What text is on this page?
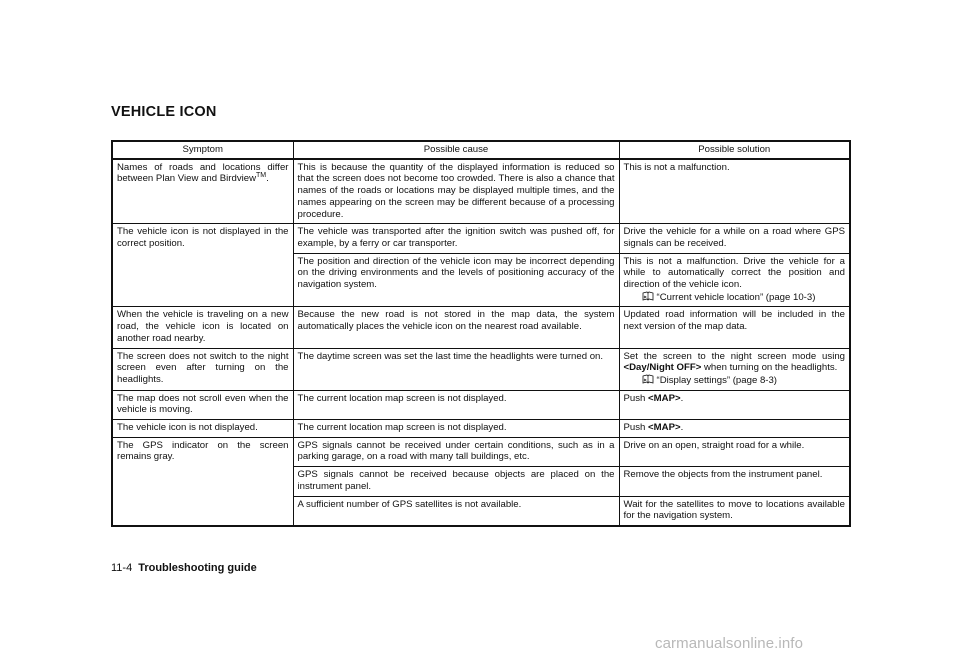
VEHICLE ICON
Symptom	Possible cause	Possible solution
Names of roads and locations differ between Plan View and Birdview™.	This is because the quantity of the displayed information is reduced so that the screen does not become too crowded. There is also a chance that names of the roads or locations may be displayed multiple times, and the names appearing on the screen may be different because of a processing procedure.	This is not a malfunction.
The vehicle icon is not displayed in the correct position.	The vehicle was transported after the ignition switch was pushed off, for example, by a ferry or car transporter.	Drive the vehicle for a while on a road where GPS signals can be received.
	The position and direction of the vehicle icon may be incorrect depending on the driving environments and the levels of positioning accuracy of the navigation system.	This is not a malfunction. Drive the vehicle for a while to automatically correct the position and direction of the vehicle icon.
“Current vehicle location” (page 10-3)

When the vehicle is traveling on a new road, the vehicle icon is located on another road nearby.	Because the new road is not stored in the map data, the system automatically places the vehicle icon on the nearest road available.	Updated road information will be included in the next version of the map data.
The screen does not switch to the night screen even after turning on the headlights.	The daytime screen was set the last time the headlights were turned on.	Set the screen to the night screen mode using <Day/Night OFF> when turning on the headlights.
“Display settings” (page 8-3)

The map does not scroll even when the vehicle is moving.	The current location map screen is not displayed.	Push <MAP>.
The vehicle icon is not displayed.	The current location map screen is not displayed.	Push <MAP>.
The GPS indicator on the screen remains gray.	GPS signals cannot be received under certain conditions, such as in a parking garage, on a road with many tall buildings, etc.	Drive on an open, straight road for a while.
	GPS signals cannot be received because objects are placed on the instrument panel.	Remove the objects from the instrument panel.
	A sufficient number of GPS satellites is not available.	Wait for the satellites to move to locations available for the navigation system.
11-4 Troubleshooting guide
carmanualsonline.info
